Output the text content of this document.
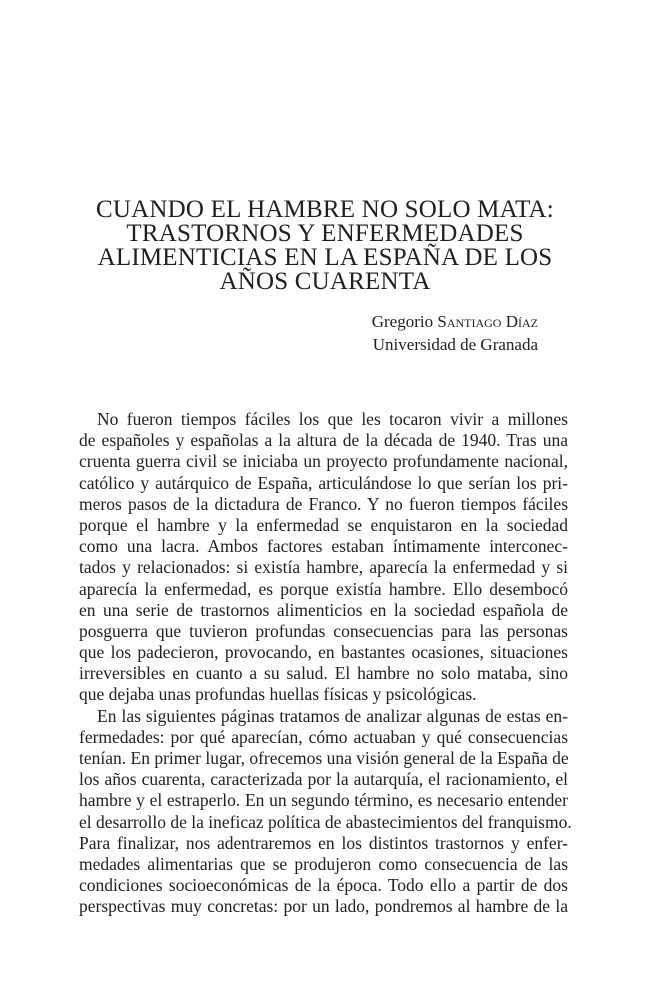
CUANDO EL HAMBRE NO SOLO MATA:
TRASTORNOS Y ENFERMEDADES
ALIMENTICIAS EN LA ESPAÑA DE LOS
AÑOS CUARENTA
Gregorio Santiago Díaz
Universidad de Granada
No fueron tiempos fáciles los que les tocaron vivir a millones
de españoles y españolas a la altura de la década de 1940. Tras una
cruenta guerra civil se iniciaba un proyecto profundamente nacional,
católico y autárquico de España, articulándose lo que serían los pri-
meros pasos de la dictadura de Franco. Y no fueron tiempos fáciles
porque el hambre y la enfermedad se enquistaron en la sociedad
como una lacra. Ambos factores estaban íntimamente interconec-
tados y relacionados: si existía hambre, aparecía la enfermedad y si
aparecía la enfermedad, es porque existía hambre. Ello desembocó
en una serie de trastornos alimenticios en la sociedad española de
posguerra que tuvieron profundas consecuencias para las personas
que los padecieron, provocando, en bastantes ocasiones, situaciones
irreversibles en cuanto a su salud. El hambre no solo mataba, sino
que dejaba unas profundas huellas físicas y psicológicas.
En las siguientes páginas tratamos de analizar algunas de estas en-
fermedades: por qué aparecían, cómo actuaban y qué consecuencias
tenían. En primer lugar, ofrecemos una visión general de la España de
los años cuarenta, caracterizada por la autarquía, el racionamiento, el
hambre y el estraperlo. En un segundo término, es necesario entender
el desarrollo de la ineficaz política de abastecimientos del franquismo.
Para finalizar, nos adentraremos en los distintos trastornos y enfer-
medades alimentarias que se produjeron como consecuencia de las
condiciones socioeconómicas de la época. Todo ello a partir de dos
perspectivas muy concretas: por un lado, pondremos al hambre de la
